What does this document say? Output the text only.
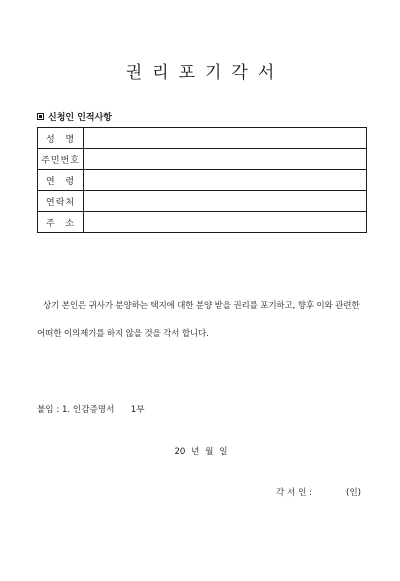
권리포기각서
신청인 인적사항
성 명	

주민번호	

연 령	

연 락 처	

주 소	

상기 본인은 귀사가 분양하는 택지에 대한 분양 받을 권리를 포기하고, 향후 이와 관련한 어떠한 이의제기를 하지 않을 것을 각서 합니다.
붙임 : 1. 인감증명서      1부
20 년 월 일
각 서 인 :	(인)
